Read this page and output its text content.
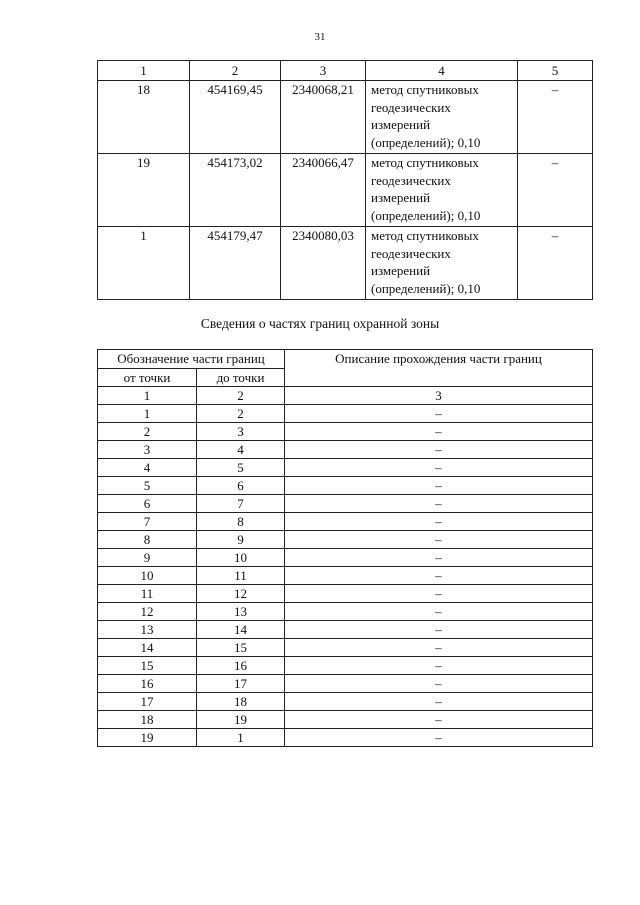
31
1	2	3	4	5
18	454169,45	2340068,21	метод спутниковых
геодезических
измерений
(определений); 0,10	–
19	454173,02	2340066,47	метод спутниковых
геодезических
измерений
(определений); 0,10	–
1	454179,47	2340080,03	метод спутниковых
геодезических
измерений
(определений); 0,10	–
Сведения о частях границ охранной зоны
Обозначение части границ		Описание прохождения части границ
от точки	до точки	
1	2	3
1	2	–
2	3	–
3	4	–
4	5	–
5	6	–
6	7	–
7	8	–
8	9	–
9	10	–
10	11	–
11	12	–
12	13	–
13	14	–
14	15	–
15	16	–
16	17	–
17	18	–
18	19	–
19	1	–
